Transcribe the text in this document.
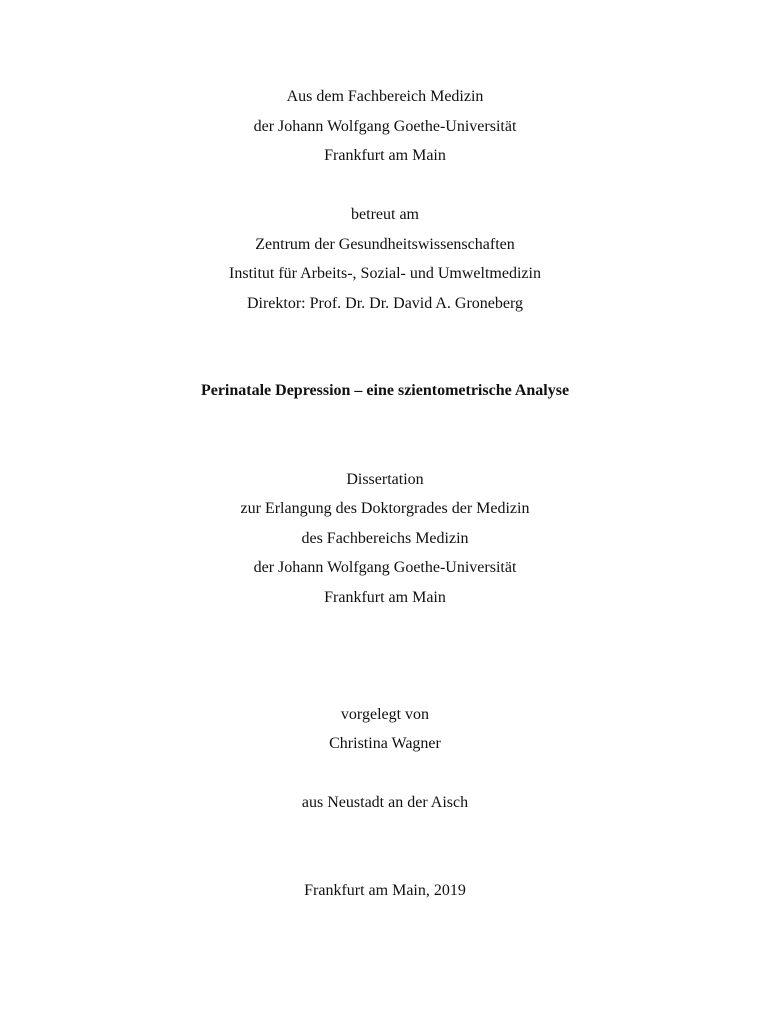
Aus dem Fachbereich Medizin
der Johann Wolfgang Goethe-Universität
Frankfurt am Main
betreut am
Zentrum der Gesundheitswissenschaften
Institut für Arbeits-, Sozial- und Umweltmedizin
Direktor: Prof. Dr. Dr. David A. Groneberg
Perinatale Depression – eine szientometrische Analyse
Dissertation
zur Erlangung des Doktorgrades der Medizin
des Fachbereichs Medizin
der Johann Wolfgang Goethe-Universität
Frankfurt am Main
vorgelegt von
Christina Wagner
aus Neustadt an der Aisch
Frankfurt am Main, 2019
